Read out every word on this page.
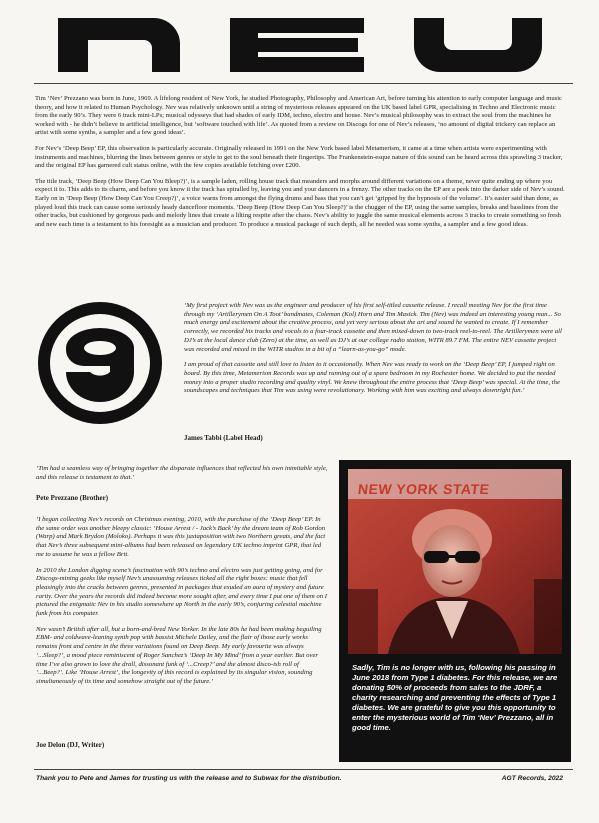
Tim ‘Nev’ Prezzano was born in June, 1969. A lifelong resident of New York, he studied Photography, Philosophy and American Art, before turning his attention to early computer language and music theory, and how it related to Human Psychology. Nev was relatively unknown until a string of mysterious releases appeared on the UK based label GPR, specialising in Techno and Electronic music from the early 90’s. They were 6 track mini-LPs; musical odysseys that had shades of early IDM, techno, electro and house. Nev’s musical philosophy was to extract the soul from the machines he worked with - he didn’t believe in artificial intelligence, but ‘software touched with life’. As quoted from a review on Discogs for one of Nev’s releases, ‘no amount of digital trickery can replace an artist with some synths, a sampler and a few good ideas’.

For Nev’s ‘Deep Beep’ EP, this observation is particularly accurate. Originally released in 1991 on the New York based label Metamerism, it came at a time when artists were experimenting with instruments and machines, blurring the lines between genres or style to get to the soul beneath their fingertips. The Frankenstein-esque nature of this sound can be heard across this sprawling 3 tracker, and the original EP has garnered cult status online, with the few copies available fetching over £200.

The title track, ‘Deep Beep (How Deep Can You Bleep?)’, is a sample laden, rolling house track that meanders and morphs around different variations on a theme, never quite ending up where you expect it to. This adds to its charm, and before you know it the track has spiralled by, leaving you and your dancers in a frenzy. The other tracks on the EP are a peek into the darker side of Nev’s sound. Early on in ‘Deep Beep (How Deep Can You Creep?)’, a voice warns from amongst the flying drums and bass that you can’t get ‘gripped by the hypnosis of the volume’. It’s easier said than done, as played loud this track can cause some seriously heady dancefloor moments. ‘Deep Beep (How Deep Can You Sleep?)’ is the chugger of the EP, using the same samples, breaks and basslines from the other tracks, but cushioned by gorgeous pads and melody lines that create a lilting respite after the chaos. Nev’s ability to juggle the same musical elements across 3 tracks to create something so fresh and new each time is a testament to his foresight as a musician and producer. To produce a musical package of such depth, all he needed was some synths, a sampler and a few good ideas.

‘My first project with Nev was as the engineer and producer of his first self-titled cassette release. I recall meeting Nev for the first time through my ‘Artillerymen On A Toot’ bandmates, Coleman (Kol) Horn and Tim Masick. Tim (Nev) was indeed an interesting young man... So much energy and excitement about the creative process, and yet very serious about the art and sound he wanted to create. If I remember correctly, we recorded his tracks and vocals to a four-track cassette and then mixed-down to two-track reel-to-reel. The Artillerymen were all DJ’s at the local dance club (Zero) at the time, as well as DJ’s at our college radio station, WITR 89.7 FM. The entire NEV cassette project was recorded and mixed in the WITR studios in a bit of a “learn-as-you-go” mode.

I am proud of that cassette and still love to listen to it occasionally. When Nev was ready to work on the ‘Deep Beep’ EP, I jumped right on board. By this time, Metamerism Records was up and running out of a spare bedroom in my Rochester home. We decided to put the needed money into a proper studio recording and quality vinyl. We knew throughout the entire process that ‘Deep Beep’ was special. At the time, the soundscapes and techniques that Tim was using were revolutionary. Working with him was exciting and always downright fun.’

James Tabbi (Label Head)

‘Tim had a seamless way of bringing together the disparate influences that reflected his own inimitable style, and this release is testament to that.’

Pete Prezzano (Brother)

‘I began collecting Nev’s records on Christmas evening, 2010, with the purchase of the ‘Deep Beep’ EP. In the same order was another bleepy classic: ‘House Arrest / - Jack’s Back’ by the dream team of Rob Gordon (Warp) and Mark Brydon (Moloko). Perhaps it was this juxtaposition with two Northern greats, and the fact that Nev’s three subsequent mini-albums had been released on legendary UK techno imprint GPR, that led me to assume he was a fellow Brit.

In 2010 the London digging scene’s fascination with 90’s techno and electro was just getting going, and for Discogs-mining geeks like myself Nev’s unassuming releases ticked all the right boxes: music that fell pleasingly into the cracks between genres, presented in packages that exuded an aura of mystery and future rarity. Over the years the records did indeed become more sought after, and every time I put one of them on I pictured the enigmatic Nev in his studio somewhere up North in the early 90’s, conjuring celestial machine funk from his computer.

Nev wasn’t British after all, but a born-and-bred New Yorker. In the late 80s he had been making beguiling EBM- and coldwave-leaning synth pop with bassist Michele Dailey, and the flair of those early works remains front and centre in the three variations found on Deep Beep. My early favourite was always ‘...Sleep?’, a mood piece reminiscent of Roger Sanchez’s ‘Deep In My Mind’ from a year earlier. But over time I’ve also grown to love the drall, dissonant funk of ‘...Creep?’ and the almost disco-ish roll of ‘...Beep?’. Like ‘House Arrest’, the longevity of this record is explained by its singular vision, sounding simultaneously of its time and somehow straight out of the future.’

Joe Delon (DJ, Writer)

NEW YORK STATE

Sadly, Tim is no longer with us, following his passing in June 2018 from Type 1 diabetes. For this release, we are donating 50% of proceeds from sales to the JDRF, a charity researching and preventing the effects of Type 1 diabetes. We are grateful to give you this opportunity to enter the mysterious world of Tim ‘Nev’ Prezzano, all in good time.

Thank you to Pete and James for trusting us with the release and to Subwax for the distribution.	AGT Records, 2022
